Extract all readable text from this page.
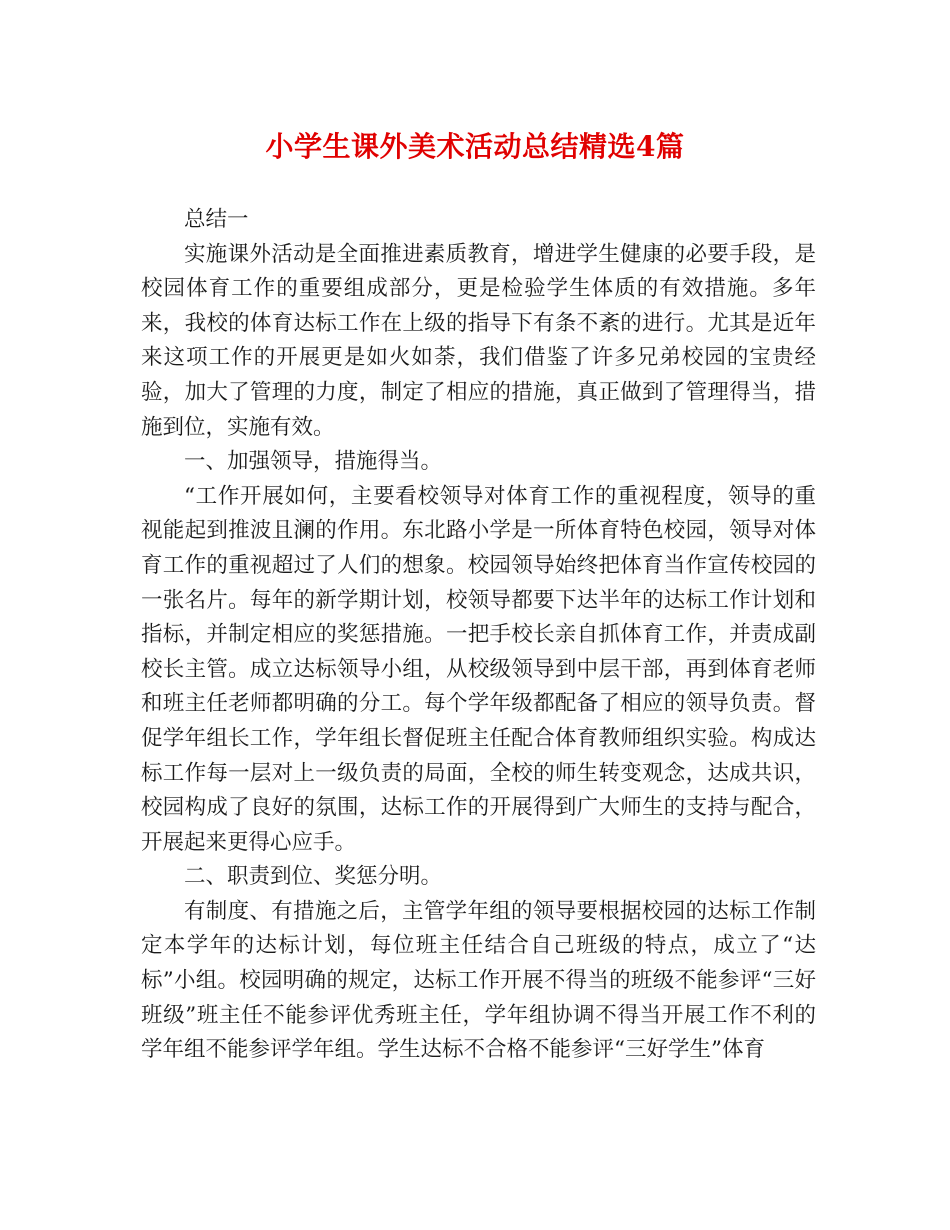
小学生课外美术活动总结精选4篇

总结一

实施课外活动是全面推进素质教育，增进学生健康的必要手段，是校园体育工作的重要组成部分，更是检验学生体质的有效措施。多年来，我校的体育达标工作在上级的指导下有条不紊的进行。尤其是近年来这项工作的开展更是如火如荼，我们借鉴了许多兄弟校园的宝贵经验，加大了管理的力度，制定了相应的措施，真正做到了管理得当，措施到位，实施有效。

一、加强领导，措施得当。

“工作开展如何，主要看校领导对体育工作的重视程度，领导的重视能起到推波且澜的作用。东北路小学是一所体育特色校园，领导对体育工作的重视超过了人们的想象。校园领导始终把体育当作宣传校园的一张名片。每年的新学期计划，校领导都要下达半年的达标工作计划和指标，并制定相应的奖惩措施。一把手校长亲自抓体育工作，并责成副校长主管。成立达标领导小组，从校级领导到中层干部，再到体育老师和班主任老师都明确的分工。每个学年级都配备了相应的领导负责。督促学年组长工作，学年组长督促班主任配合体育教师组织实验。构成达标工作每一层对上一级负责的局面，全校的师生转变观念，达成共识，校园构成了良好的氛围，达标工作的开展得到广大师生的支持与配合，开展起来更得心应手。

二、职责到位、奖惩分明。

有制度、有措施之后，主管学年组的领导要根据校园的达标工作制定本学年的达标计划，每位班主任结合自己班级的特点，成立了“达标”小组。校园明确的规定，达标工作开展不得当的班级不能参评“三好班级”班主任不能参评优秀班主任，学年组协调不得当开展工作不利的学年组不能参评学年组。学生达标不合格不能参评“三好学生”体育
